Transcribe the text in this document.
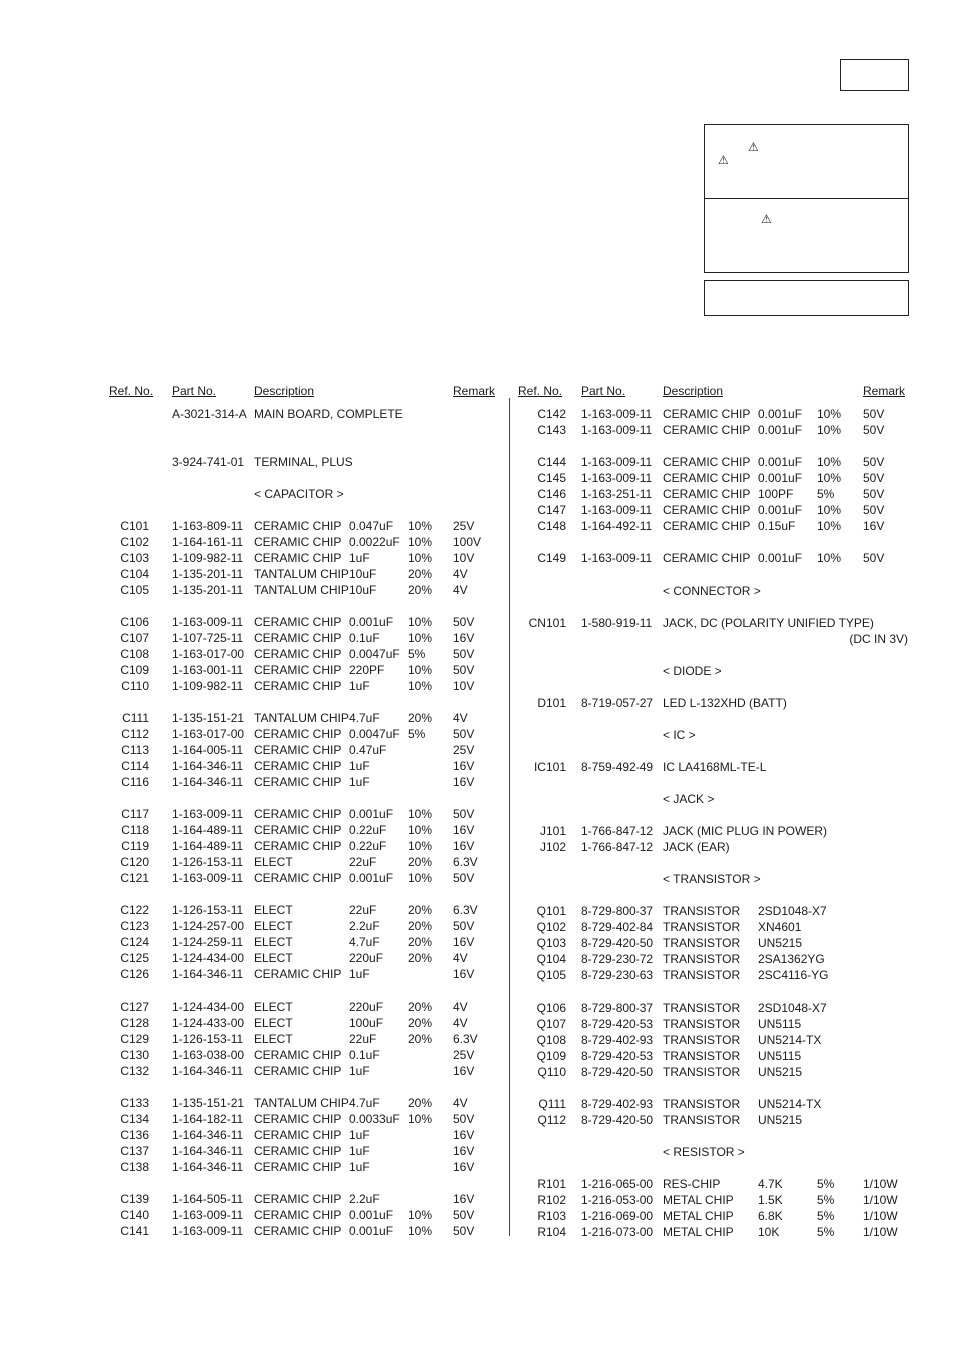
⚠
⚠
⚠
Ref. No. Part No.	Description	Remark
A-3021-314-A MAIN BOARD, COMPLETE
3-924-741-01 TERMINAL, PLUS
< CAPACITOR >
C101 1-163-809-11 CERAMIC CHIP 0.047uF 10% 25V
C102 1-164-161-11 CERAMIC CHIP 0.0022uF 10% 100V
C103 1-109-982-11 CERAMIC CHIP 1uF	10% 10V
C104 1-135-201-11 TANTALUM CHIP 10uF	20% 4V
C105 1-135-201-11 TANTALUM CHIP 10uF	20% 4V
C106 1-163-009-11 CERAMIC CHIP 0.001uF 10% 50V
C107 1-107-725-11 CERAMIC CHIP 0.1uF 10% 16V
C108 1-163-017-00 CERAMIC CHIP 0.0047uF 5% 50V
C109 1-163-001-11 CERAMIC CHIP 220PF 10% 50V
C110 1-109-982-11 CERAMIC CHIP 1uF	10% 10V
C111 1-135-151-21 TANTALUM CHIP 4.7uF 20% 4V
C112 1-163-017-00 CERAMIC CHIP 0.0047uF 5% 50V
C113 1-164-005-11 CERAMIC CHIP 0.47uF	25V
C114 1-164-346-11 CERAMIC CHIP 1uF	16V
C116 1-164-346-11 CERAMIC CHIP 1uF	16V
C117 1-163-009-11 CERAMIC CHIP 0.001uF 10% 50V
C118 1-164-489-11 CERAMIC CHIP 0.22uF 10% 16V
C119 1-164-489-11 CERAMIC CHIP 0.22uF 10% 16V
C120 1-126-153-11 ELECT	22uF	20% 6.3V
C121 1-163-009-11 CERAMIC CHIP 0.001uF 10% 50V
C122 1-126-153-11 ELECT	22uF	20% 6.3V
C123 1-124-257-00 ELECT	2.2uF 20% 50V
C124 1-124-259-11 ELECT	4.7uF 20% 16V
C125 1-124-434-00 ELECT	220uF 20% 4V
C126 1-164-346-11 CERAMIC CHIP 1uF	16V
C127 1-124-434-00 ELECT	220uF 20% 4V
C128 1-124-433-00 ELECT	100uF 20% 4V
C129 1-126-153-11 ELECT	22uF	20% 6.3V
C130 1-163-038-00 CERAMIC CHIP 0.1uF	25V
C132 1-164-346-11 CERAMIC CHIP 1uF	16V
C133 1-135-151-21 TANTALUM CHIP 4.7uF 20% 4V
C134 1-164-182-11 CERAMIC CHIP 0.0033uF 10% 50V
C136 1-164-346-11 CERAMIC CHIP 1uF	16V
C137 1-164-346-11 CERAMIC CHIP 1uF	16V
C138 1-164-346-11 CERAMIC CHIP 1uF	16V
C139 1-164-505-11 CERAMIC CHIP 2.2uF	16V
C140 1-163-009-11 CERAMIC CHIP 0.001uF 10% 50V
C141 1-163-009-11 CERAMIC CHIP 0.001uF 10% 50V
Ref. No. Part No.	Description	Remark
C142 1-163-009-11 CERAMIC CHIP 0.001uF 10% 50V
C143 1-163-009-11 CERAMIC CHIP 0.001uF 10% 50V
C144 1-163-009-11 CERAMIC CHIP 0.001uF 10% 50V
C145 1-163-009-11 CERAMIC CHIP 0.001uF 10% 50V
C146 1-163-251-11 CERAMIC CHIP 100PF 5% 50V
C147 1-163-009-11 CERAMIC CHIP 0.001uF 10% 50V
C148 1-164-492-11 CERAMIC CHIP 0.15uF 10% 16V
C149 1-163-009-11 CERAMIC CHIP 0.001uF 10% 50V
< CONNECTOR >
CN101 1-580-919-11 JACK, DC (POLARITY UNIFIED TYPE)
(DC IN 3V)
< DIODE >
D101 8-719-057-27 LED L-132XHD (BATT)
< IC >
IC101 8-759-492-49 IC LA4168ML-TE-L
< JACK >
J101 1-766-847-12 JACK (MIC PLUG IN POWER)
J102 1-766-847-12 JACK (EAR)
< TRANSISTOR >
Q101 8-729-800-37 TRANSISTOR 2SD1048-X7
Q102 8-729-402-84 TRANSISTOR XN4601
Q103 8-729-420-50 TRANSISTOR UN5215
Q104 8-729-230-72 TRANSISTOR 2SA1362YG
Q105 8-729-230-63 TRANSISTOR 2SC4116-YG
Q106 8-729-800-37 TRANSISTOR 2SD1048-X7
Q107 8-729-420-53 TRANSISTOR UN5115
Q108 8-729-402-93 TRANSISTOR UN5214-TX
Q109 8-729-420-53 TRANSISTOR UN5115
Q110 8-729-420-50 TRANSISTOR UN5215
Q111 8-729-402-93 TRANSISTOR UN5214-TX
Q112 8-729-420-50 TRANSISTOR UN5215
< RESISTOR >
R101 1-216-065-00 RES-CHIP	4.7K	5% 1/10W
R102 1-216-053-00 METAL CHIP 1.5K	5% 1/10W
R103 1-216-069-00 METAL CHIP 6.8K	5% 1/10W
R104 1-216-073-00 METAL CHIP 10K	5% 1/10W
